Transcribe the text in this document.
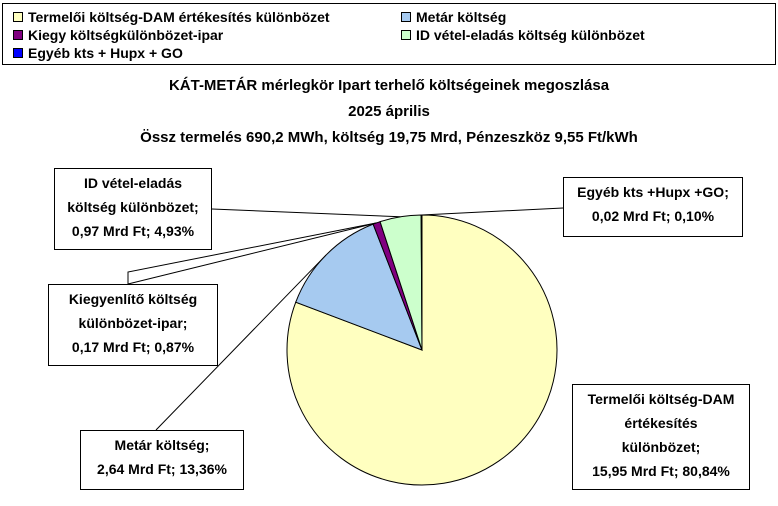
Termelői költség-DAM értékesítés különbözet	Metár költség
Kiegy költségkülönbözet-ipar	ID vétel-eladás költség különbözet
Egyéb kts + Hupx + GO
KÁT-METÁR mérlegkör Ipart terhelő költségeinek megoszlása
2025 április
Össz termelés 690,2 MWh, költség 19,75 Mrd, Pénzeszköz 9,55 Ft/kWh
ID vétel-eladás
költség különbözet;
0,97 Mrd Ft; 4,93%
Egyéb kts +Hupx +GO;
0,02 Mrd Ft; 0,10%
Kiegyenlítő költség
különbözet-ipar;
0,17 Mrd Ft; 0,87%
Metár költség;
2,64 Mrd Ft; 13,36%
Termelői költség-DAM
értékesítés
különbözet;
15,95 Mrd Ft; 80,84%
